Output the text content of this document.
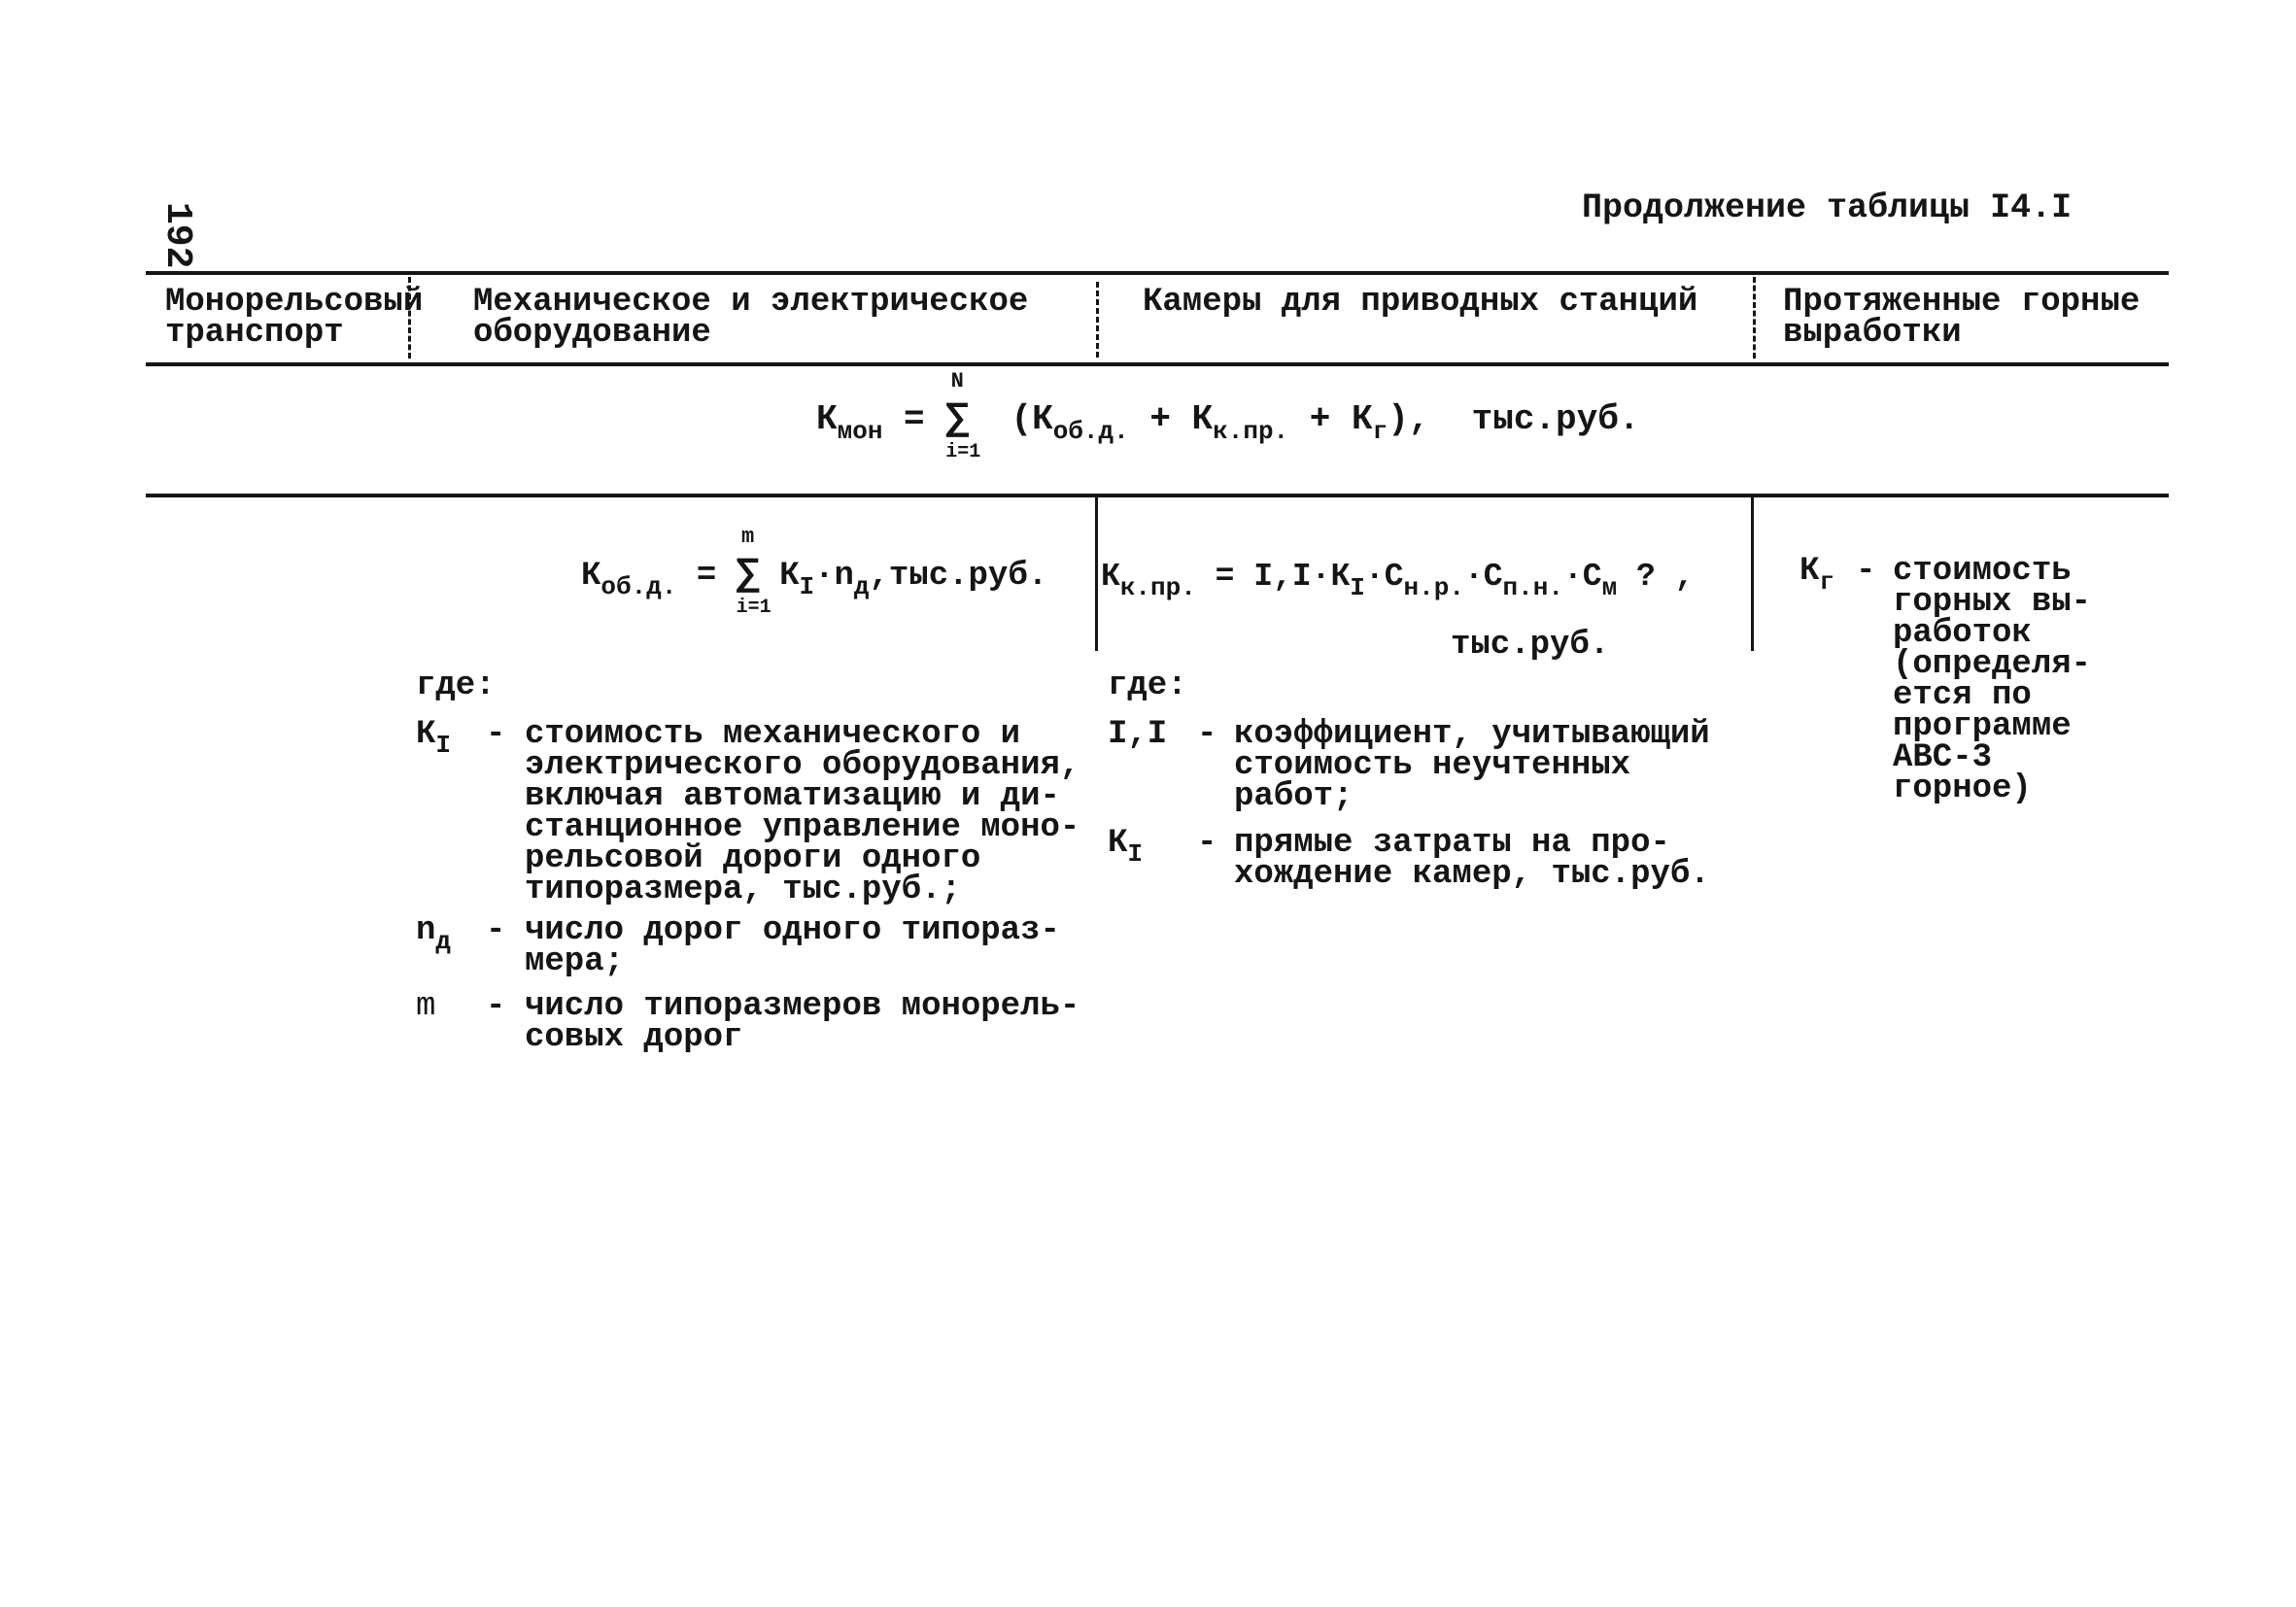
192	Продолжение таблицы I4.I
Монорельсовый
транспорт
Механическое и электрическое
оборудование
Камеры для приводных станций	Протяженные горные
выработки
$К_{мон}$ =
N
∑
i=1
$(К_{об.д.} + К_{к.пр.} + К_г)$, тыс.руб.
$К_{об.д.}$ =
m
∑
i=1
$К_I\cdot n_д,тыс.руб$.
где:
$К_I$ - стоимость механического и
электрического оборудования,
включая автоматизацию и ди-
станционное управление моно-
рельсовой дороги одного
типоразмера, тыс.руб.;
$n_д$ - число дорог одного типораз-
мера;
m - число типоразмеров монорель-
совых дорог
$К_{к.пр.} = I,I\cdot К_I\cdot С_{н.р.}\cdot С_{п.н.}\cdot С_м$ ? ,
тыс.руб.
где:
I,I - коэффициент, учитывающий
стоимость неучтенных
работ;
$К_I$ - прямые затраты на про-
хождение камер, тыс.руб.
$К_г$ - стоимость
горных вы-
работок
(определя-
ется по
программе
АВС-3
горное)
